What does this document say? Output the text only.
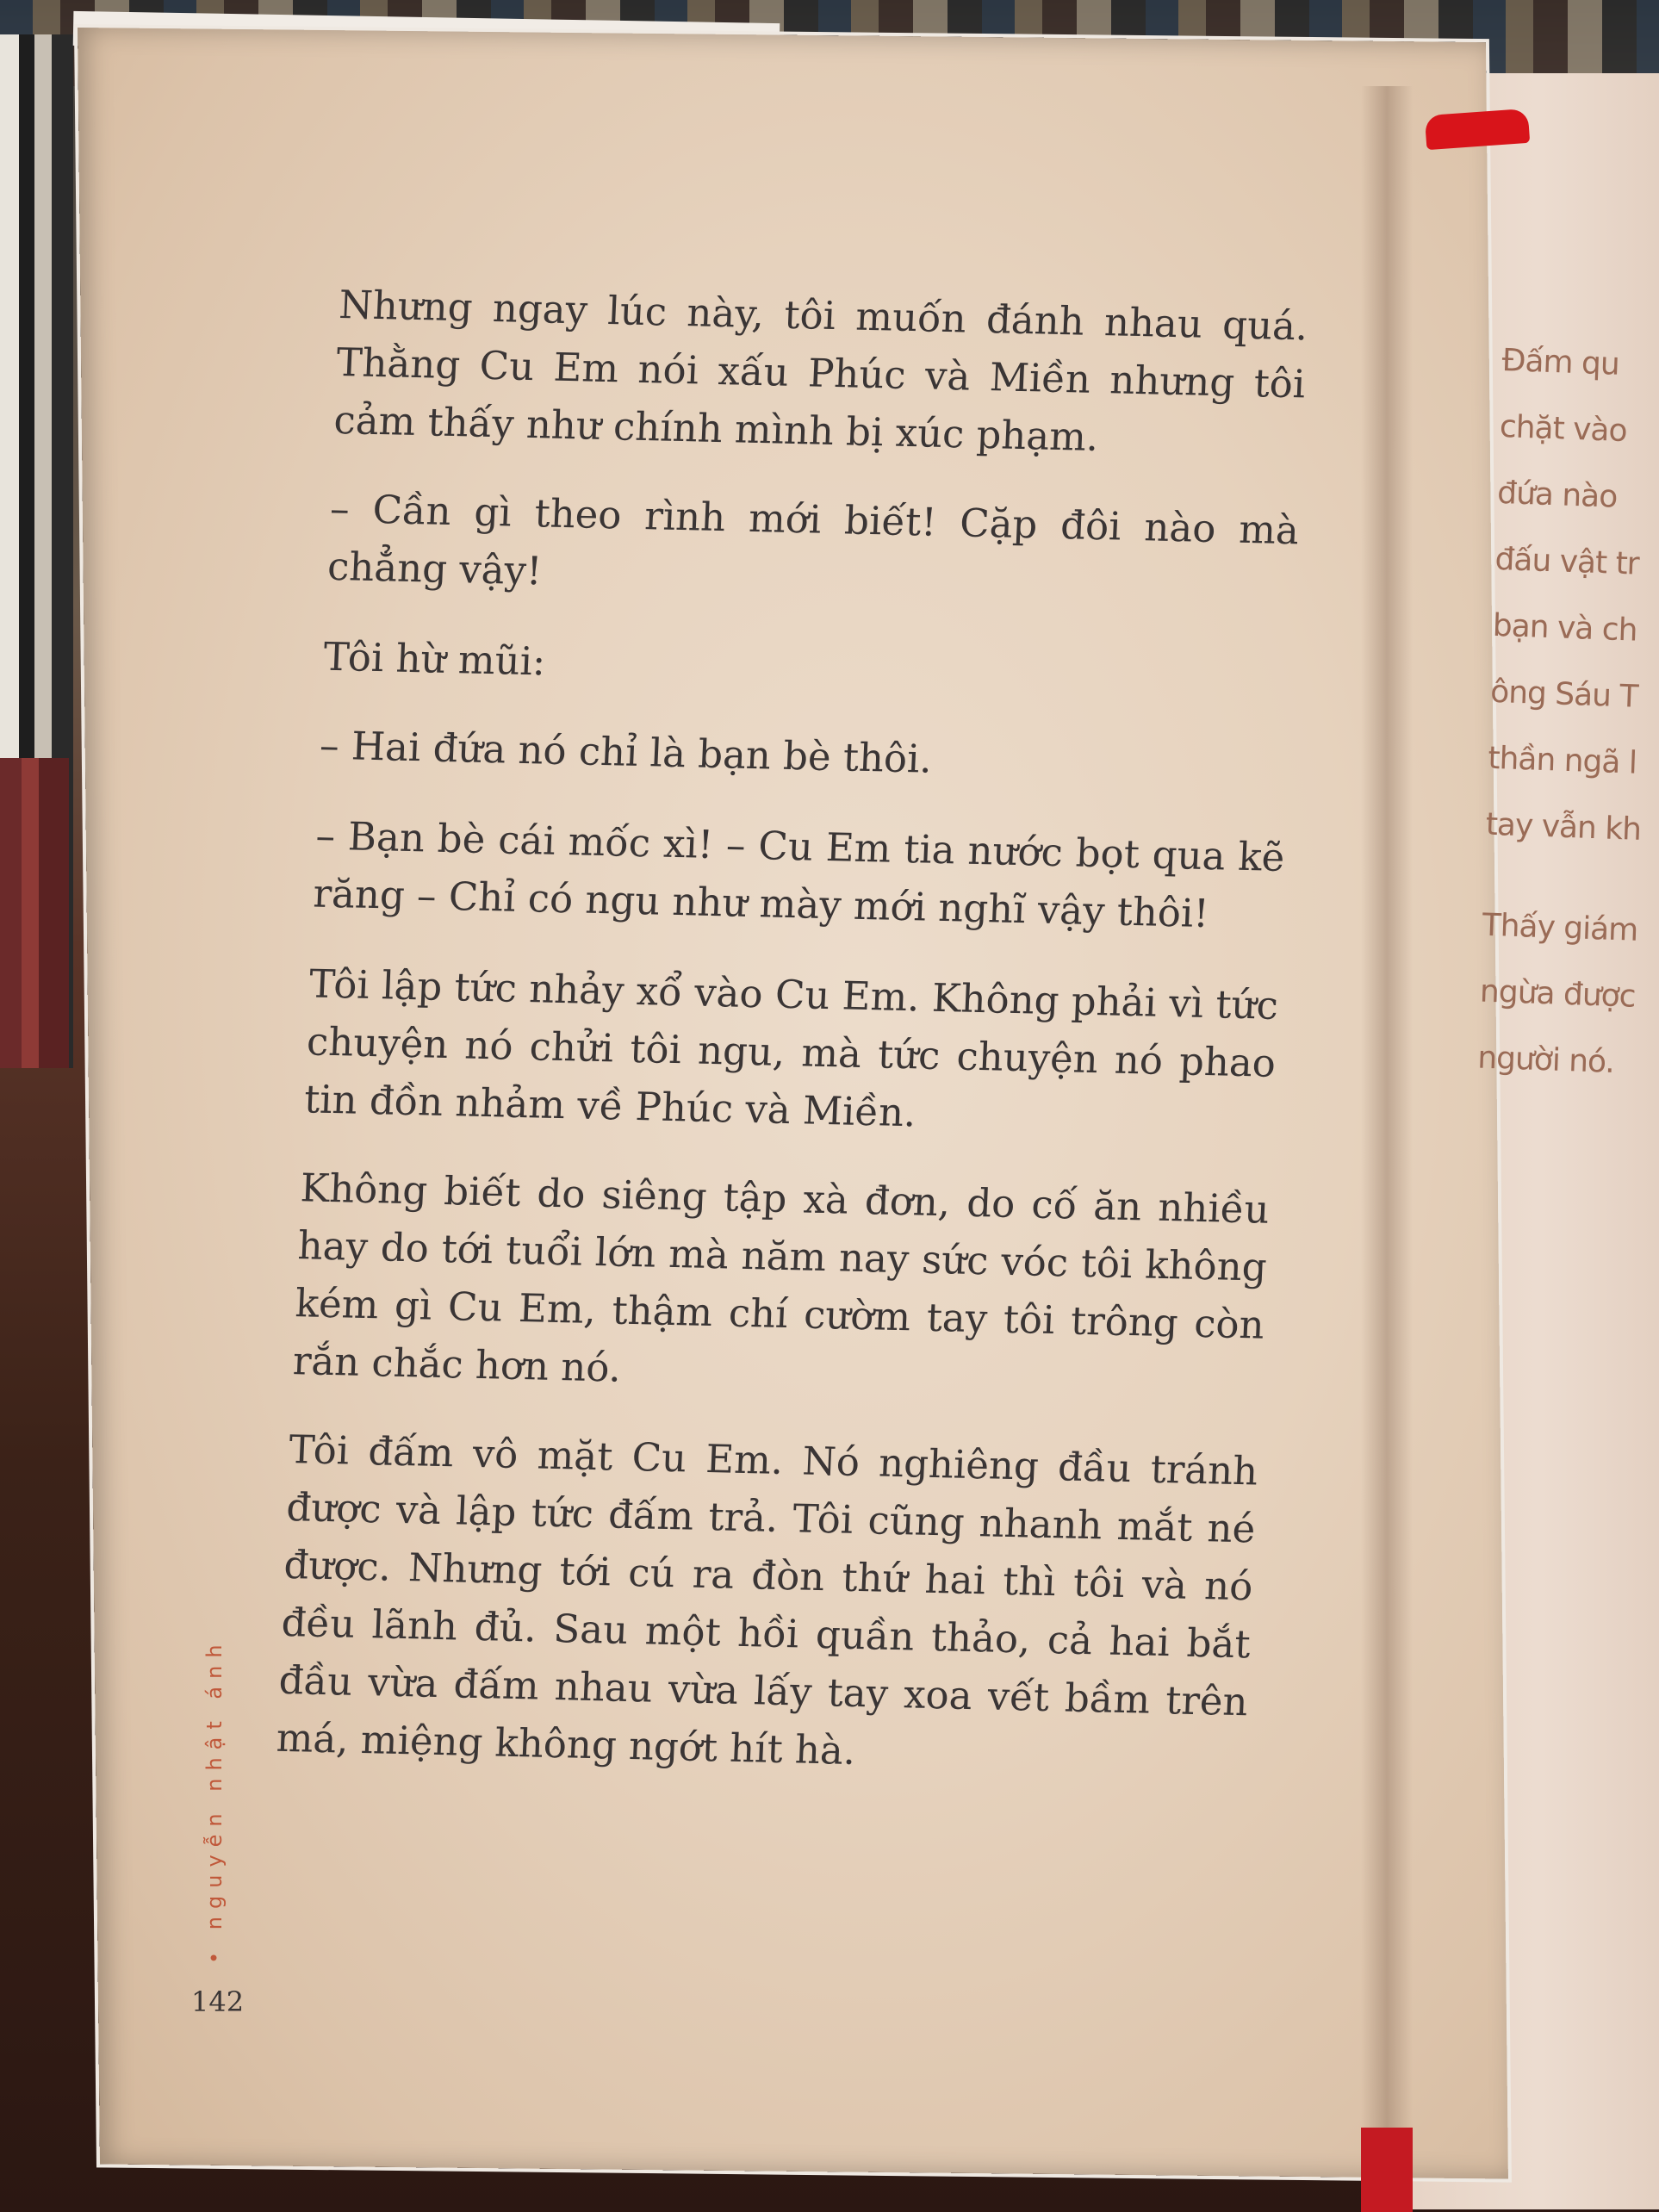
Nhưng ngay lúc này, tôi muốn đánh nhau quá. Thằng Cu Em nói xấu Phúc và Miền nhưng tôi cảm thấy như chính mình bị xúc phạm.

– Cần gì theo rình mới biết! Cặp đôi nào mà chẳng vậy!

Tôi hừ mũi:

– Hai đứa nó chỉ là bạn bè thôi.

– Bạn bè cái mốc xì! – Cu Em tia nước bọt qua kẽ răng – Chỉ có ngu như mày mới nghĩ vậy thôi!

Tôi lập tức nhảy xổ vào Cu Em. Không phải vì tức chuyện nó chửi tôi ngu, mà tức chuyện nó phao tin đồn nhảm về Phúc và Miền.

Không biết do siêng tập xà đơn, do cố ăn nhiều hay do tới tuổi lớn mà năm nay sức vóc tôi không kém gì Cu Em, thậm chí cườm tay tôi trông còn rắn chắc hơn nó.

Tôi đấm vô mặt Cu Em. Nó nghiêng đầu tránh được và lập tức đấm trả. Tôi cũng nhanh mắt né được. Nhưng tới cú ra đòn thứ hai thì tôi và nó đều lãnh đủ. Sau một hồi quần thảo, cả hai bắt đầu vừa đấm nhau vừa lấy tay xoa vết bầm trên má, miệng không ngớt hít hà.

Đấm qu
chặt vào
đứa nào
đấu vật tr
bạn và ch
ông Sáu T
thần ngã l
tay vẫn kh
Thấy giám
ngừa được
người nó.
• nguyễn nhật ánh
142
